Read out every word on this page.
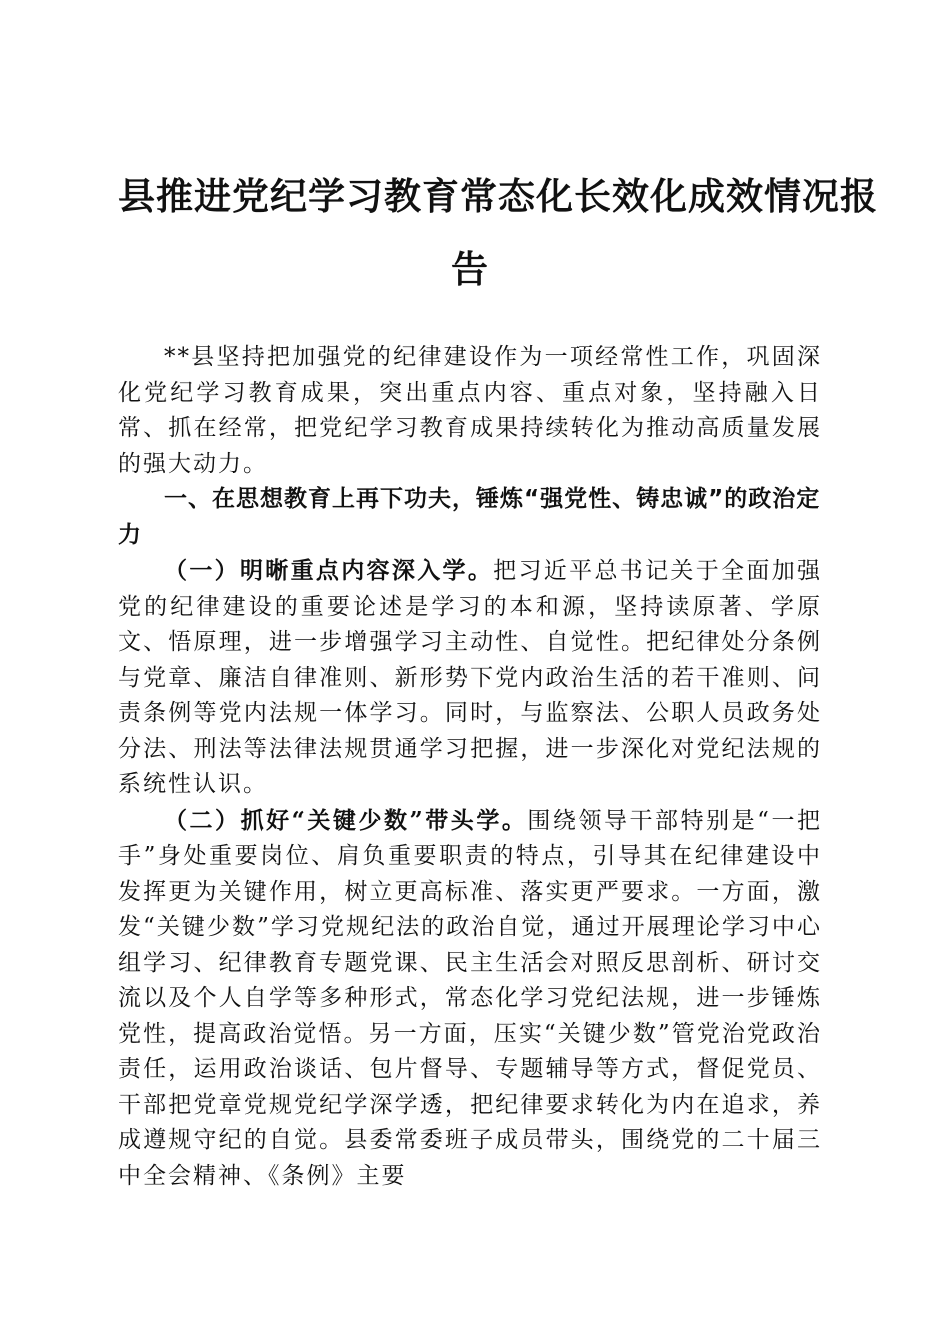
县推进党纪学习教育常态化长效化成效情况报
告

**县坚持把加强党的纪律建设作为一项经常性工作，巩固深化党纪学习教育成果，突出重点内容、重点对象，坚持融入日常、抓在经常，把党纪学习教育成果持续转化为推动高质量发展的强大动力。

一、在思想教育上再下功夫，锤炼“强党性、铸忠诚”的政治定力

（一）明晰重点内容深入学。把习近平总书记关于全面加强党的纪律建设的重要论述是学习的本和源，坚持读原著、学原文、悟原理，进一步增强学习主动性、自觉性。把纪律处分条例与党章、廉洁自律准则、新形势下党内政治生活的若干准则、问责条例等党内法规一体学习。同时，与监察法、公职人员政务处分法、刑法等法律法规贯通学习把握，进一步深化对党纪法规的系统性认识。

（二）抓好“关键少数”带头学。围绕领导干部特别是“一把手”身处重要岗位、肩负重要职责的特点，引导其在纪律建设中发挥更为关键作用，树立更高标准、落实更严要求。一方面，激发“关键少数”学习党规纪法的政治自觉，通过开展理论学习中心组学习、纪律教育专题党课、民主生活会对照反思剖析、研讨交流以及个人自学等多种形式，常态化学习党纪法规，进一步锤炼党性，提高政治觉悟。另一方面，压实“关键少数”管党治党政治责任，运用政治谈话、包片督导、专题辅导等方式，督促党员、干部把党章党规党纪学深学透，把纪律要求转化为内在追求，养成遵规守纪的自觉。县委常委班子成员带头，围绕党的二十届三中全会精神、《条例》主要
